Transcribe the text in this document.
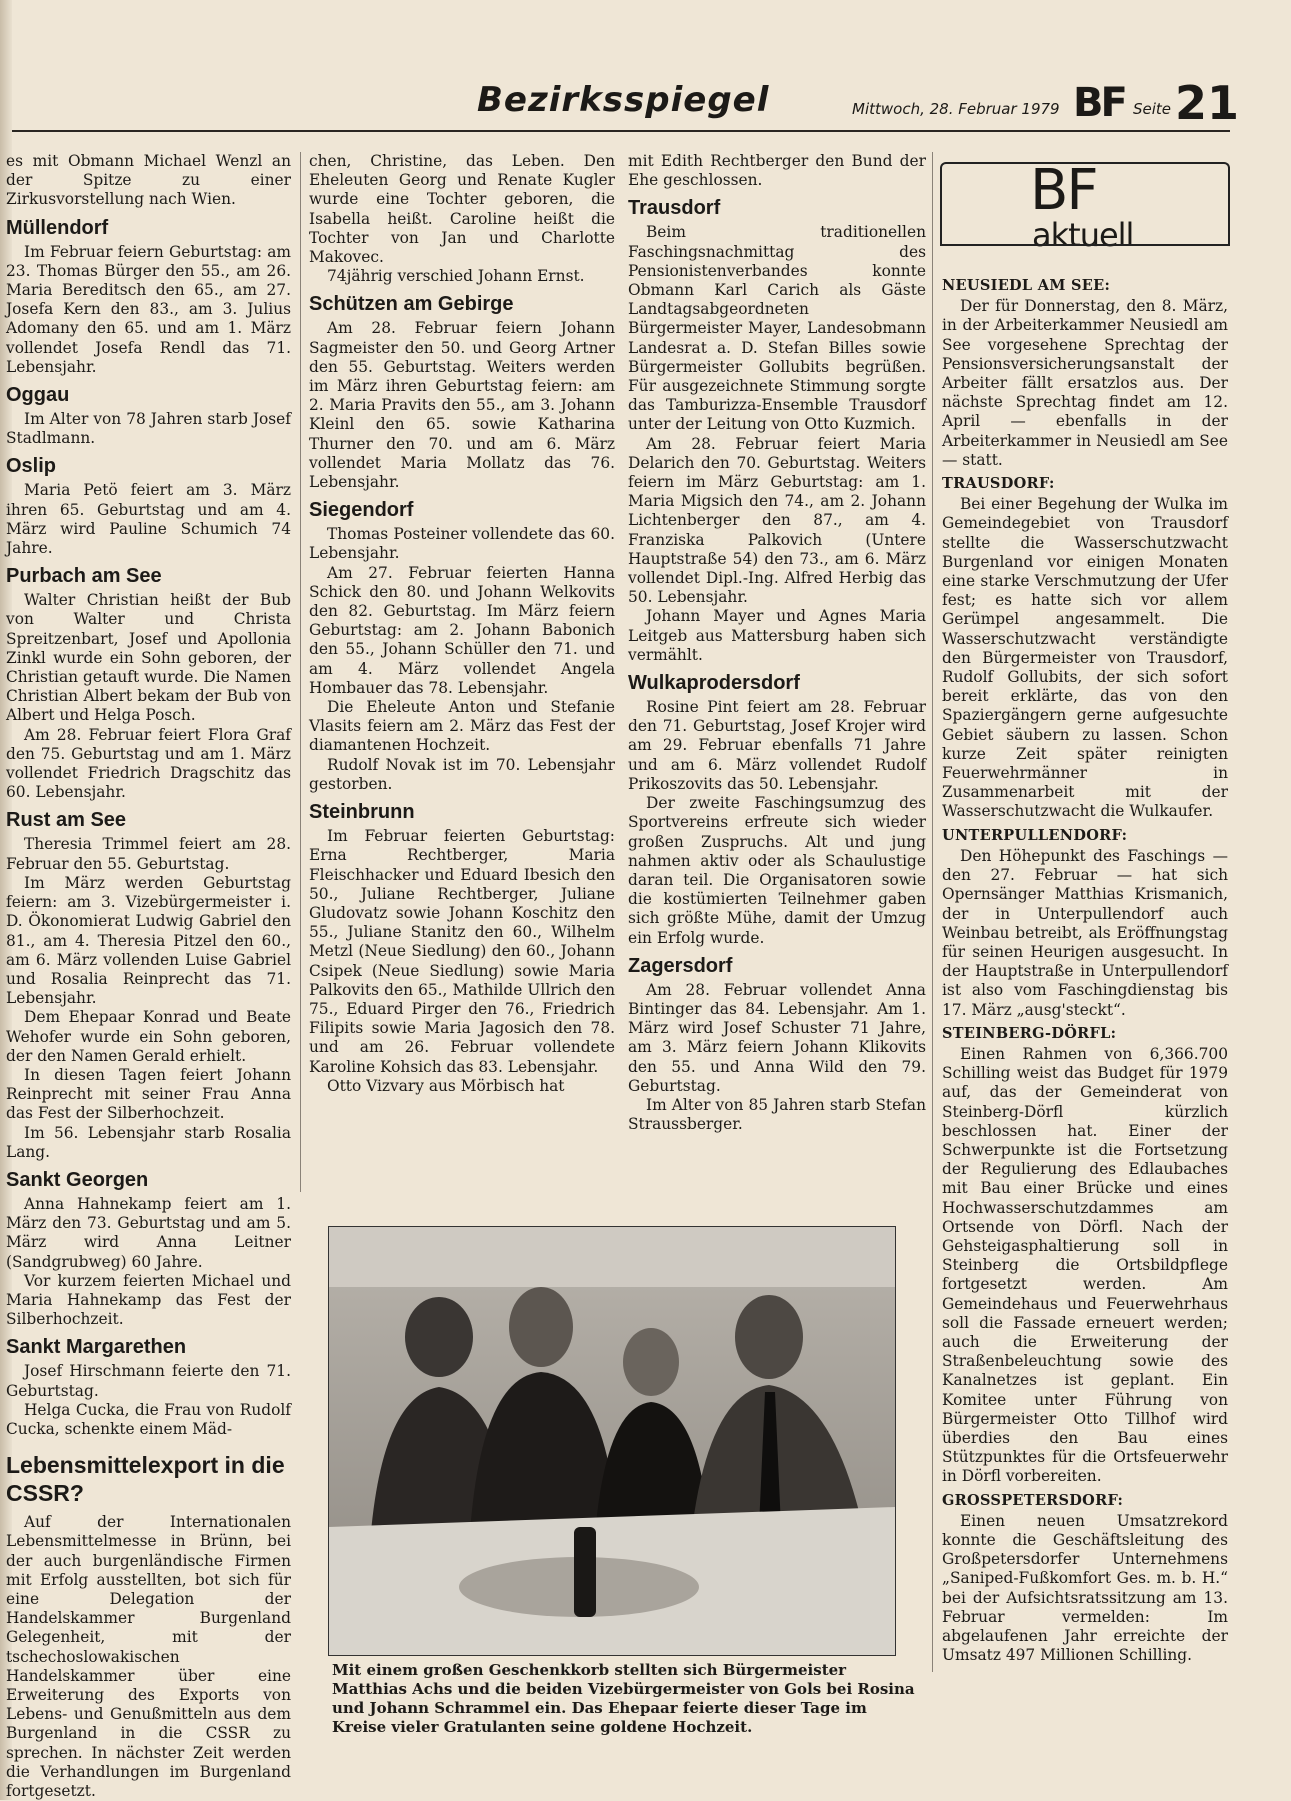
Bezirksspiegel	Mittwoch, 28. Februar 1979 BF Seite 21

es mit Obmann Michael Wenzl an der Spitze zu einer Zirkusvorstellung nach Wien.

Müllendorf

Im Februar feiern Geburtstag: am 23. Thomas Bürger den 55., am 26. Maria Bereditsch den 65., am 27. Josefa Kern den 83., am 3. Julius Adomany den 65. und am 1. März vollendet Josefa Rendl das 71. Lebensjahr.

Oggau

Im Alter von 78 Jahren starb Josef Stadlmann.

Oslip

Maria Petö feiert am 3. März ihren 65. Geburtstag und am 4. März wird Pauline Schumich 74 Jahre.

Purbach am See

Walter Christian heißt der Bub von Walter und Christa Spreitzenbart, Josef und Apollonia Zinkl wurde ein Sohn geboren, der Christian getauft wurde. Die Namen Christian Albert bekam der Bub von Albert und Helga Posch.

Am 28. Februar feiert Flora Graf den 75. Geburtstag und am 1. März vollendet Friedrich Dragschitz das 60. Lebensjahr.

Rust am See

Theresia Trimmel feiert am 28. Februar den 55. Geburtstag.

Im März werden Geburtstag feiern: am 3. Vizebürgermeister i. D. Ökonomierat Ludwig Gabriel den 81., am 4. Theresia Pitzel den 60., am 6. März vollenden Luise Gabriel und Rosalia Reinprecht das 71. Lebensjahr.

Dem Ehepaar Konrad und Beate Wehofer wurde ein Sohn geboren, der den Namen Gerald erhielt.

In diesen Tagen feiert Johann Reinprecht mit seiner Frau Anna das Fest der Silberhochzeit.

Im 56. Lebensjahr starb Rosalia Lang.

Sankt Georgen

Anna Hahnekamp feiert am 1. März den 73. Geburtstag und am 5. März wird Anna Leitner (Sandgrubweg) 60 Jahre.

Vor kurzem feierten Michael und Maria Hahnekamp das Fest der Silberhochzeit.

Sankt Margarethen

Josef Hirschmann feierte den 71. Geburtstag.

Helga Cucka, die Frau von Rudolf Cucka, schenkte einem Mäd-

Lebensmittelexport in die CSSR?

Auf der Internationalen Lebensmittelmesse in Brünn, bei der auch burgenländische Firmen mit Erfolg ausstellten, bot sich für eine Delegation der Handelskammer Burgenland Gelegenheit, mit der tschechoslowakischen Handelskammer über eine Erweiterung des Exports von Lebens- und Genußmitteln aus dem Burgenland in die CSSR zu sprechen. In nächster Zeit werden die Verhandlungen im Burgenland fortgesetzt.

chen, Christine, das Leben. Den Eheleuten Georg und Renate Kugler wurde eine Tochter geboren, die Isabella heißt. Caroline heißt die Tochter von Jan und Charlotte Makovec.

74jährig verschied Johann Ernst.

Schützen am Gebirge

Am 28. Februar feiern Johann Sagmeister den 50. und Georg Artner den 55. Geburtstag. Weiters werden im März ihren Geburtstag feiern: am 2. Maria Pravits den 55., am 3. Johann Kleinl den 65. sowie Katharina Thurner den 70. und am 6. März vollendet Maria Mollatz das 76. Lebensjahr.

Siegendorf

Thomas Posteiner vollendete das 60. Lebensjahr.

Am 27. Februar feierten Hanna Schick den 80. und Johann Welkovits den 82. Geburtstag. Im März feiern Geburtstag: am 2. Johann Babonich den 55., Johann Schüller den 71. und am 4. März vollendet Angela Hombauer das 78. Lebensjahr.

Die Eheleute Anton und Stefanie Vlasits feiern am 2. März das Fest der diamantenen Hochzeit.

Rudolf Novak ist im 70. Lebensjahr gestorben.

Steinbrunn

Im Februar feierten Geburtstag: Erna Rechtberger, Maria Fleischhacker und Eduard Ibesich den 50., Juliane Rechtberger, Juliane Gludovatz sowie Johann Koschitz den 55., Juliane Stanitz den 60., Wilhelm Metzl (Neue Siedlung) den 60., Johann Csipek (Neue Siedlung) sowie Maria Palkovits den 65., Mathilde Ullrich den 75., Eduard Pirger den 76., Friedrich Filipits sowie Maria Jagosich den 78. und am 26. Februar vollendete Karoline Kohsich das 83. Lebensjahr.

Otto Vizvary aus Mörbisch hat

mit Edith Rechtberger den Bund der Ehe geschlossen.

Trausdorf

Beim traditionellen Faschingsnachmittag des Pensionistenverbandes konnte Obmann Karl Carich als Gäste Landtagsabgeordneten Bürgermeister Mayer, Landesobmann Landesrat a. D. Stefan Billes sowie Bürgermeister Gollubits begrüßen. Für ausgezeichnete Stimmung sorgte das Tamburizza-Ensemble Trausdorf unter der Leitung von Otto Kuzmich.

Am 28. Februar feiert Maria Delarich den 70. Geburtstag. Weiters feiern im März Geburtstag: am 1. Maria Migsich den 74., am 2. Johann Lichtenberger den 87., am 4. Franziska Palkovich (Untere Hauptstraße 54) den 73., am 6. März vollendet Dipl.-Ing. Alfred Herbig das 50. Lebensjahr.

Johann Mayer und Agnes Maria Leitgeb aus Mattersburg haben sich vermählt.

Wulkaprodersdorf

Rosine Pint feiert am 28. Februar den 71. Geburtstag, Josef Krojer wird am 29. Februar ebenfalls 71 Jahre und am 6. März vollendet Rudolf Prikoszovits das 50. Lebensjahr.

Der zweite Faschingsumzug des Sportvereins erfreute sich wieder großen Zuspruchs. Alt und jung nahmen aktiv oder als Schaulustige daran teil. Die Organisatoren sowie die kostümierten Teilnehmer gaben sich größte Mühe, damit der Umzug ein Erfolg wurde.

Zagersdorf

Am 28. Februar vollendet Anna Bintinger das 84. Lebensjahr. Am 1. März wird Josef Schuster 71 Jahre, am 3. März feiern Johann Klikovits den 55. und Anna Wild den 79. Geburtstag.

Im Alter von 85 Jahren starb Stefan Straussberger.

BF
aktuell
NEUSIEDL AM SEE:

Der für Donnerstag, den 8. März, in der Arbeiterkammer Neusiedl am See vorgesehene Sprechtag der Pensionsversicherungsanstalt der Arbeiter fällt ersatzlos aus. Der nächste Sprechtag findet am 12. April — ebenfalls in der Arbeiterkammer in Neusiedl am See — statt.

TRAUSDORF:

Bei einer Begehung der Wulka im Gemeindegebiet von Trausdorf stellte die Wasserschutzwacht Burgenland vor einigen Monaten eine starke Verschmutzung der Ufer fest; es hatte sich vor allem Gerümpel angesammelt. Die Wasserschutzwacht verständigte den Bürgermeister von Trausdorf, Rudolf Gollubits, der sich sofort bereit erklärte, das von den Spaziergängern gerne aufgesuchte Gebiet säubern zu lassen. Schon kurze Zeit später reinigten Feuerwehrmänner in Zusammenarbeit mit der Wasserschutzwacht die Wulkaufer.

UNTERPULLENDORF:

Den Höhepunkt des Faschings — den 27. Februar — hat sich Opernsänger Matthias Krismanich, der in Unterpullendorf auch Weinbau betreibt, als Eröffnungstag für seinen Heurigen ausgesucht. In der Hauptstraße in Unterpullendorf ist also vom Faschingdienstag bis 17. März „ausg'steckt“.

STEINBERG-DÖRFL:

Einen Rahmen von 6,366.700 Schilling weist das Budget für 1979 auf, das der Gemeinderat von Steinberg-Dörfl kürzlich beschlossen hat. Einer der Schwerpunkte ist die Fortsetzung der Regulierung des Edlaubaches mit Bau einer Brücke und eines Hochwasserschutzdammes am Ortsende von Dörfl. Nach der Gehsteigasphaltierung soll in Steinberg die Ortsbildpflege fortgesetzt werden. Am Gemeindehaus und Feuerwehrhaus soll die Fassade erneuert werden; auch die Erweiterung der Straßenbeleuchtung sowie des Kanalnetzes ist geplant. Ein Komitee unter Führung von Bürgermeister Otto Tillhof wird überdies den Bau eines Stützpunktes für die Ortsfeuerwehr in Dörfl vorbereiten.

GROSSPETERSDORF:

Einen neuen Umsatzrekord konnte die Geschäftsleitung des Großpetersdorfer Unternehmens „Saniped-Fußkomfort Ges. m. b. H.“ bei der Aufsichtsratssitzung am 13. Februar vermelden: Im abgelaufenen Jahr erreichte der Umsatz 497 Millionen Schilling.

Mit einem großen Geschenkkorb stellten sich Bürgermeister Matthias Achs und die beiden Vizebürgermeister von Gols bei Rosina und Johann Schrammel ein. Das Ehepaar feierte dieser Tage im Kreise vieler Gratulanten seine goldene Hochzeit.
